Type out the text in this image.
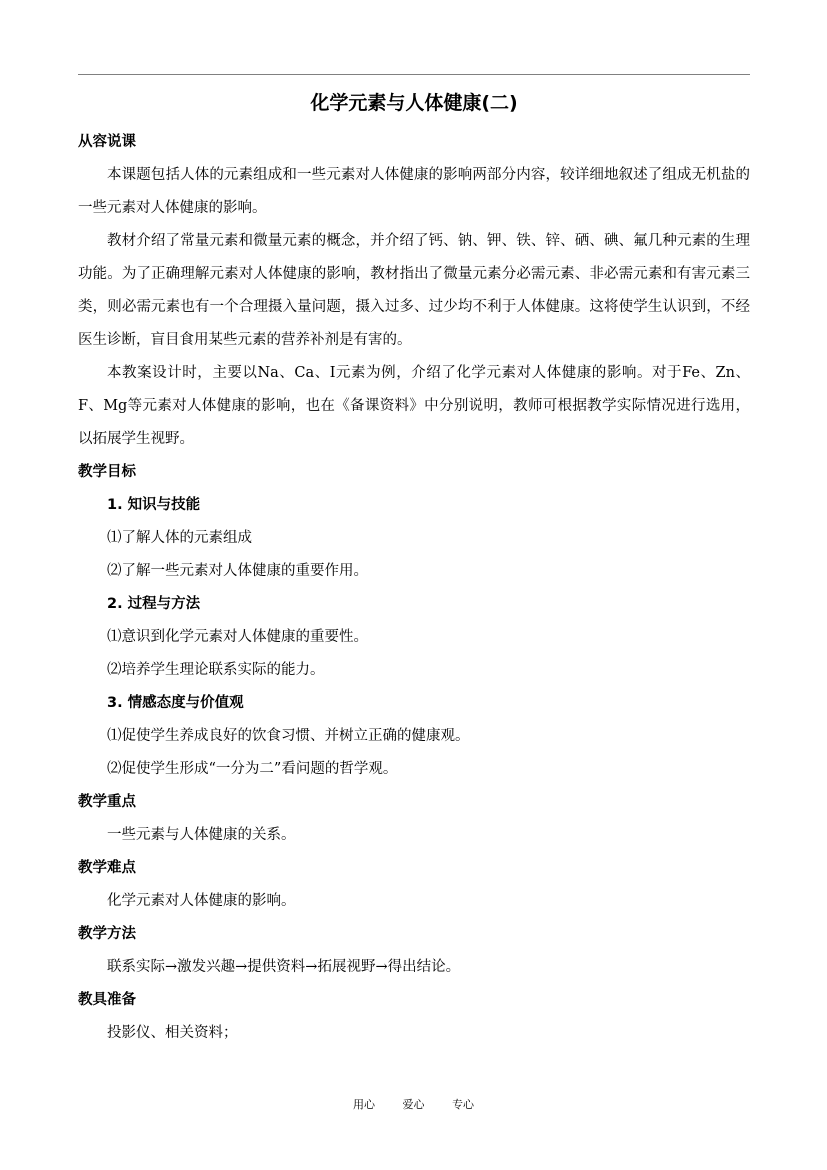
化学元素与人体健康(二)

从容说课

本课题包括人体的元素组成和一些元素对人体健康的影响两部分内容，较详细地叙述了组成无机盐的一些元素对人体健康的影响。

教材介绍了常量元素和微量元素的概念，并介绍了钙、钠、钾、铁、锌、硒、碘、氟几种元素的生理功能。为了正确理解元素对人体健康的影响，教材指出了微量元素分必需元素、非必需元素和有害元素三类，则必需元素也有一个合理摄入量问题，摄入过多、过少均不利于人体健康。这将使学生认识到，不经医生诊断，盲目食用某些元素的营养补剂是有害的。

本教案设计时，主要以Na、Ca、I元素为例，介绍了化学元素对人体健康的影响。对于Fe、Zn、F、Mg等元素对人体健康的影响，也在《备课资料》中分别说明，教师可根据教学实际情况进行选用，以拓展学生视野。

教学目标

1. 知识与技能

⑴了解人体的元素组成

⑵了解一些元素对人体健康的重要作用。

2. 过程与方法

⑴意识到化学元素对人体健康的重要性。

⑵培养学生理论联系实际的能力。

3. 情感态度与价值观

⑴促使学生养成良好的饮食习惯、并树立正确的健康观。

⑵促使学生形成“一分为二”看问题的哲学观。

教学重点

一些元素与人体健康的关系。

教学难点

化学元素对人体健康的影响。

教学方法

联系实际→激发兴趣→提供资料→拓展视野→得出结论。

教具准备

投影仪、相关资料；

用心	爱心	专心
